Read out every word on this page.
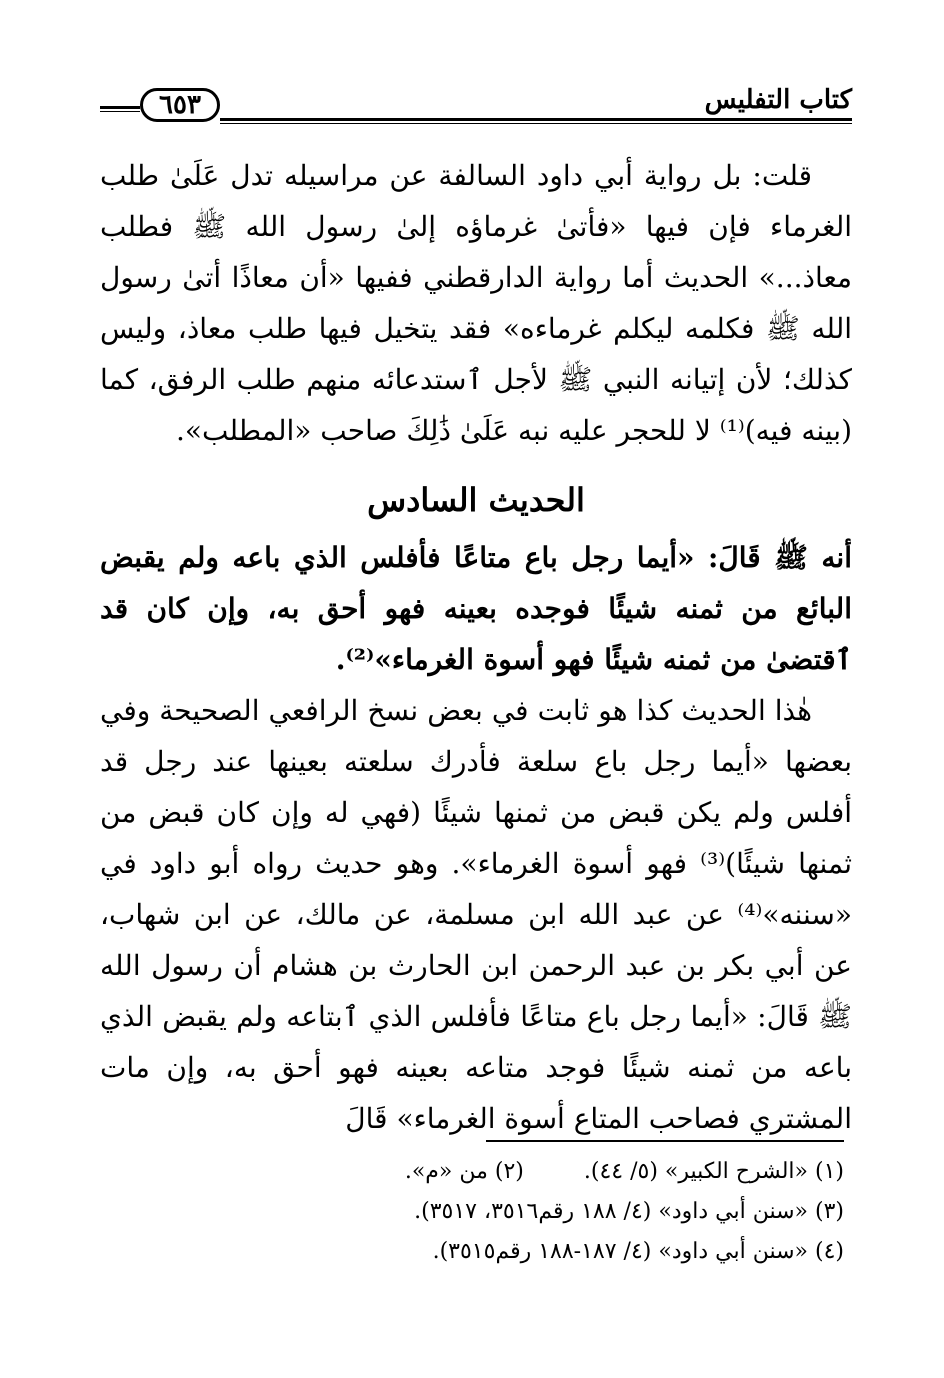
كتاب التفليس
٦٥٣

قلت: بل رواية أبي داود السالفة عن مراسيله تدل عَلَىٰ طلب الغرماء فإن فيها «فأتىٰ غرماؤه إلىٰ رسول الله ﷺ فطلب معاذ...» الحديث أما رواية الدارقطني ففيها «أن معاذًا أتىٰ رسول الله ﷺ فكلمه ليكلم غرماءه» فقد يتخيل فيها طلب معاذ، وليس كذلك؛ لأن إتيانه النبي ﷺ لأجل ٱستدعائه منهم طلب الرفق، كما (بينه فيه)⁽¹⁾ لا للحجر عليه نبه عَلَىٰ ذَٰلِكَ صاحب «المطلب».

الحديث السادس

أنه ﷺ قَالَ: «أيما رجل باع متاعًا فأفلس الذي باعه ولم يقبض البائع من ثمنه شيئًا فوجده بعينه فهو أحق به، وإن كان قد ٱقتضىٰ من ثمنه شيئًا فهو أسوة الغرماء»⁽²⁾.

هٰذا الحديث كذا هو ثابت في بعض نسخ الرافعي الصحيحة وفي بعضها «أيما رجل باع سلعة فأدرك سلعته بعينها عند رجل قد أفلس ولم يكن قبض من ثمنها شيئًا (فهي له وإن كان قبض من ثمنها شيئًا)⁽³⁾ فهو أسوة الغرماء». وهو حديث رواه أبو داود في «سننه»⁽⁴⁾ عن عبد الله ابن مسلمة، عن مالك، عن ابن شهاب، عن أبي بكر بن عبد الرحمن ابن الحارث بن هشام أن رسول الله ﷺ قَالَ: «أيما رجل باع متاعًا فأفلس الذي ٱبتاعه ولم يقبض الذي باعه من ثمنه شيئًا فوجد متاعه بعينه فهو أحق به، وإن مات المشتري فصاحب المتاع أسوة الغرماء» قَالَ

(١) «الشرح الكبير» (٥/ ٤٤).
(٢) من «م».
(٣) «سنن أبي داود» (٤/ ١٨٨ رقم٣٥١٦، ٣٥١٧).
(٤) «سنن أبي داود» (٤/ ١٨٧-١٨٨ رقم٣٥١٥).
